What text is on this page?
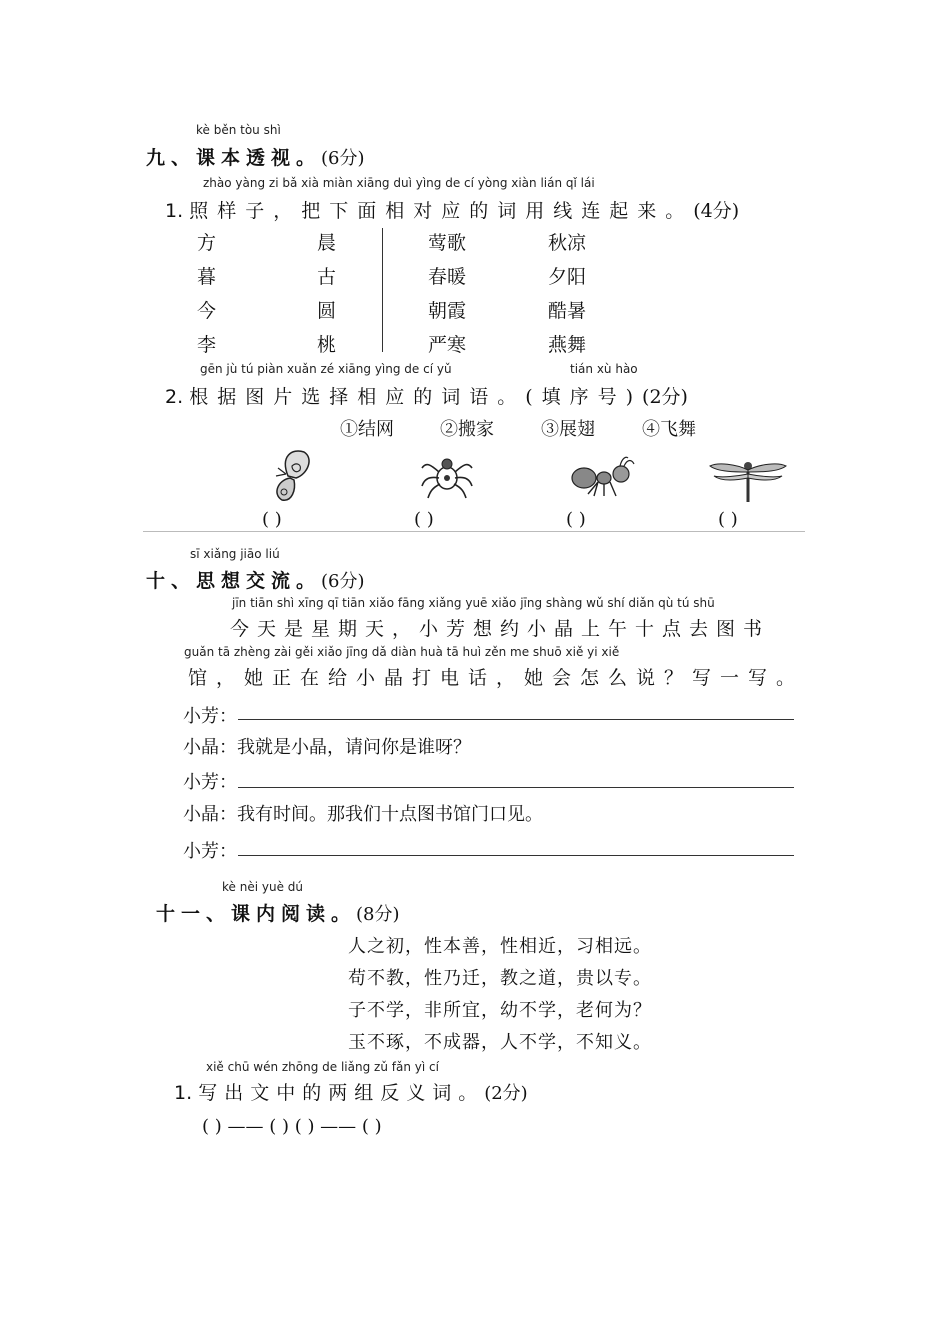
kè běn tòu shì
九、课本透视。(6分)
zhào yàng zi bǎ xià miàn xiāng duì yìng de cí yòng xiàn lián qǐ lái
1. 照样子，把下面相对应的词用线连起来。(4分)
方	晨
暮	古
今	圆
李	桃
莺歌	秋凉
春暖	夕阳
朝霞	酷暑
严寒	燕舞
gēn jù tú piàn xuǎn zé xiāng yìng de cí yǔ	tián xù hào
2. 根据图片选择相应的词语。(填序号)(2分)
①结网	②搬家	③展翅	④飞舞
( )	( )	( )	( )
sī xiǎng jiāo liú
十、思想交流。(6分)
jīn tiān shì xīng qī tiān xiǎo fāng xiǎng yuē xiǎo jīng shàng wǔ shí diǎn qù tú shū
今天是星期天，小芳想约小晶上午十点去图书
guǎn tā zhèng zài gěi xiǎo jīng dǎ diàn huà tā huì zěn me shuō xiě yi xiě
馆，她正在给小晶打电话，她会怎么说？写一写。
小芳：
小晶：我就是小晶，请问你是谁呀？
小芳：
小晶：我有时间。那我们十点图书馆门口见。
小芳：
kè nèi yuè dú
十一、课内阅读。(8分)
人之初，性本善，性相近，习相远。
苟不教，性乃迁，教之道，贵以专。
子不学，非所宜，幼不学，老何为？
玉不琢，不成器，人不学，不知义。
xiě chū wén zhōng de liǎng zǔ fǎn yì cí
1. 写出文中的两组反义词。(2分)
( ) —— ( ) ( ) —— ( )
